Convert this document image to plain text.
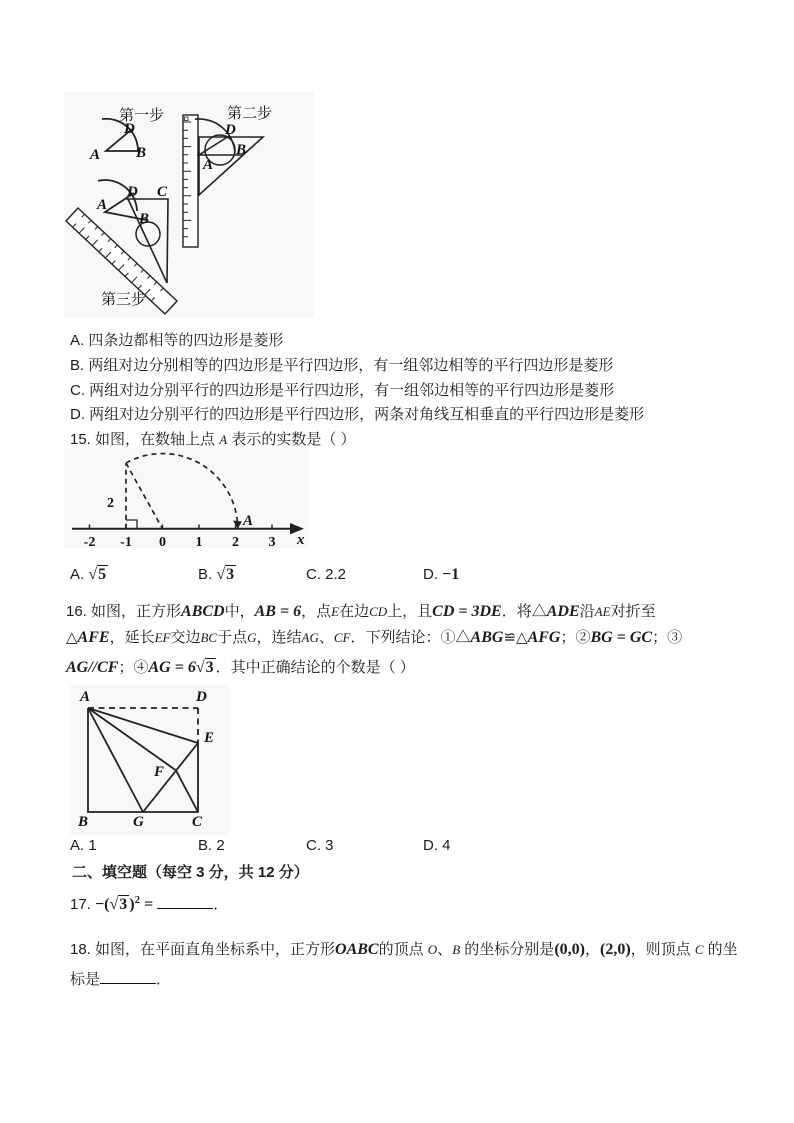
第一步
A B
D
第二步
D
B
A
A
B
D C
第三步
A. 四条边都相等的四边形是菱形
B. 两组对边分别相等的四边形是平行四边形，有一组邻边相等的平行四边形是菱形
C. 两组对边分别平行的四边形是平行四边形，有一组邻边相等的平行四边形是菱形
D. 两组对边分别平行的四边形是平行四边形，两条对角线互相垂直的平行四边形是菱形
15. 如图，在数轴上点 A 表示的实数是（ ）
2
A
-2 -1 0 1 2 3 x
A. √5	B. √3	C. 2.2	D. −1
16. 如图，正方形ABCD中，AB = 6，点E在边CD上，且CD = 3DE．将△ADE沿AE对折至
△AFE，延长EF交边BC于点G，连结AG、CF．下列结论：①△ABG≌△AFG；②BG = GC；③
AG//CF；④AG = 6√3 ．其中正确结论的个数是（ ）
A	D
E
F
B	G	C
A. 1	B. 2	C. 3	D. 4
二、填空题（每空 3 分，共 12 分）
17. −(√3 )$^2$ =	．
18. 如图，在平面直角坐标系中，正方形OABC的顶点 O、B 的坐标分别是(0,0)，(2,0)，则顶点 C 的坐
标是	．
